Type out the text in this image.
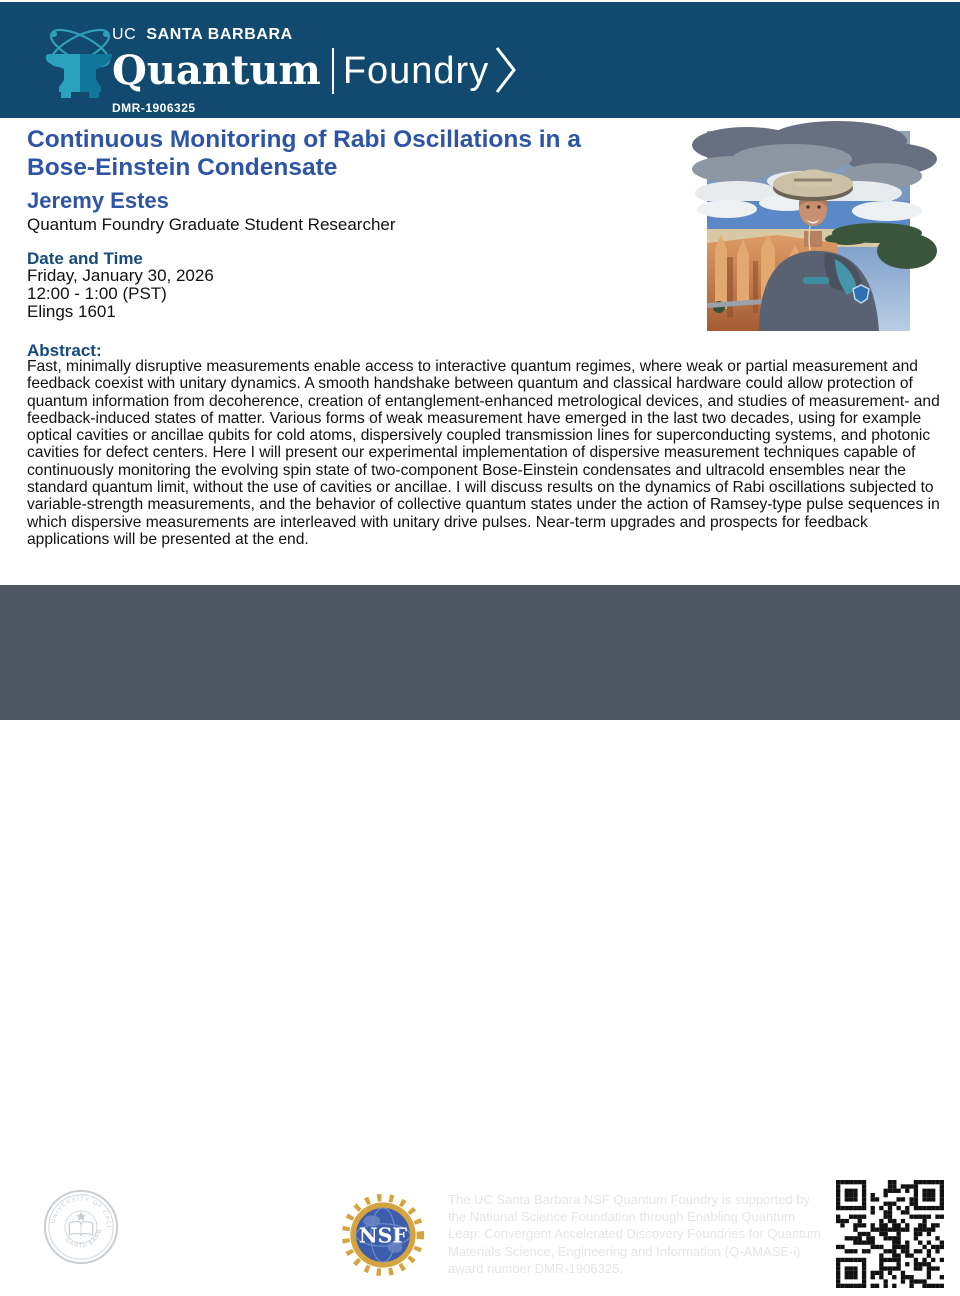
UC SANTA BARBARA
Quantum Foundry
DMR-1906325
Continuous Monitoring of Rabi Oscillations in a
Bose-Einstein Condensate
Jeremy Estes
Quantum Foundry Graduate Student Researcher
Date and Time
Friday, January 30, 2026
12:00 - 1:00 (PST)
Elings 1601
Abstract:
Fast, minimally disruptive measurements enable access to interactive quantum regimes, where weak or partial measurement and feedback coexist with unitary dynamics. A smooth handshake between quantum and classical hardware could allow protection of quantum information from decoherence, creation of entanglement-enhanced metrological devices, and studies of measurement- and feedback-induced states of matter. Various forms of weak measurement have emerged in the last two decades, using for example optical cavities or ancillae qubits for cold atoms, dispersively coupled transmission lines for superconducting systems, and photonic cavities for defect centers. Here I will present our experimental implementation of dispersive measurement techniques capable of continuously monitoring the evolving spin state of two-component Bose-Einstein condensates and ultracold ensembles near the standard quantum limit, without the use of cavities or ancillae. I will discuss results on the dynamics of Rabi oscillations subjected to variable-strength measurements, and the behavior of collective quantum states under the action of Ramsey-type pulse sequences in which dispersive measurements are interleaved with unitary drive pulses. Near-term upgrades and prospects for feedback applications will be presented at the end.
UNIVERSITY OF CALI
SANTA BARB CNSi	NSF
The UC Santa Barbara NSF Quantum Foundry is supported by the National Science Foundation through Enabling Quantum Leap: Convergent Accelerated Discovery Foundries for Quantum Materials Science, Engineering and Information (Q-AMASE-i) award number DMR-1906325.
